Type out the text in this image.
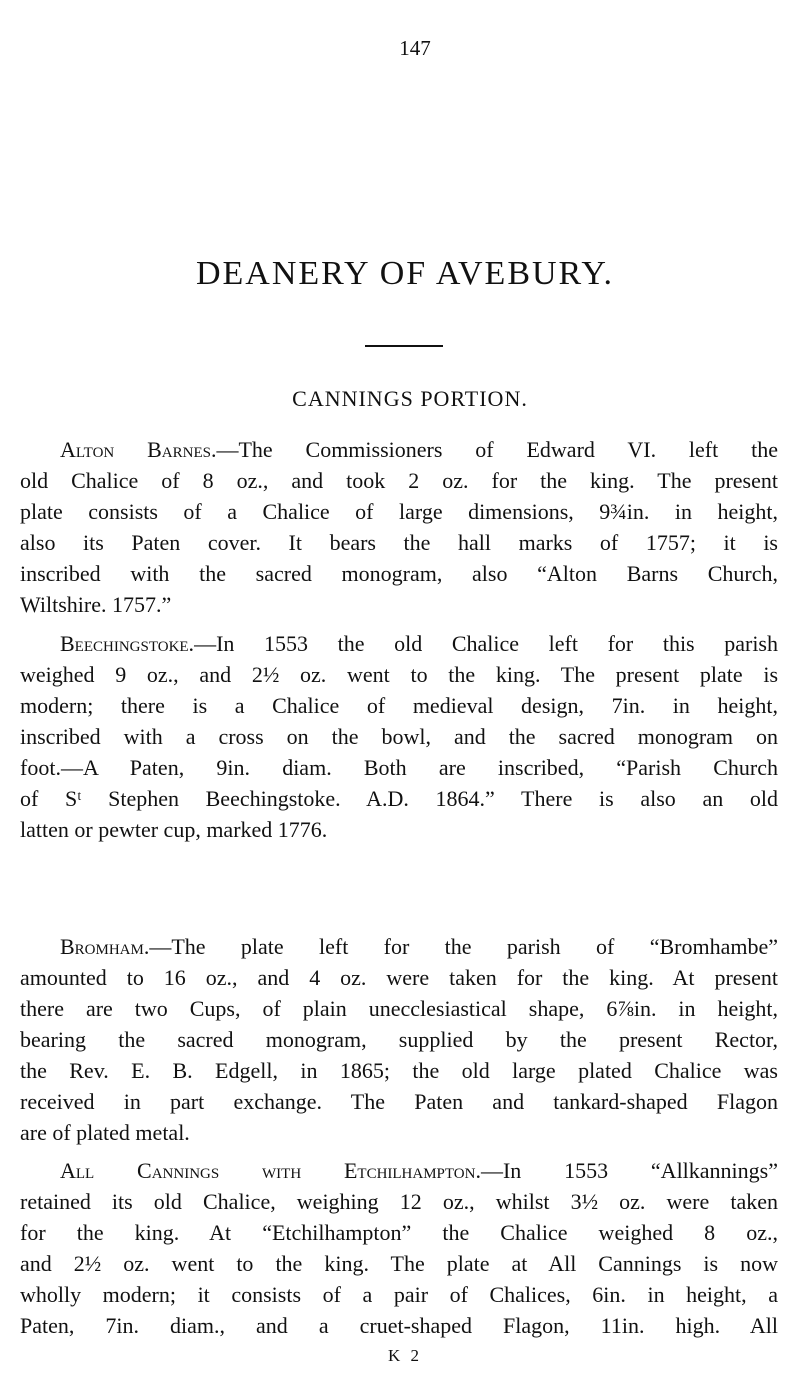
147
DEANERY OF AVEBURY.
CANNINGS PORTION.
Alton Barnes.—The Commissioners of Edward VI. left the
old Chalice of 8 oz., and took 2 oz. for the king. The present
plate consists of a Chalice of large dimensions, 9¾in. in height,
also its Paten cover. It bears the hall marks of 1757; it is
inscribed with the sacred monogram, also “Alton Barns Church,
Wiltshire. 1757.”
Beechingstoke.—In 1553 the old Chalice left for this parish
weighed 9 oz., and 2½ oz. went to the king. The present plate is
modern; there is a Chalice of medieval design, 7in. in height,
inscribed with a cross on the bowl, and the sacred monogram on
foot.—A Paten, 9in. diam. Both are inscribed, “Parish Church
of Sᵗ Stephen Beechingstoke. A.D. 1864.” There is also an old
latten or pewter cup, marked 1776.
Bromham.—The plate left for the parish of “Bromhambe”
amounted to 16 oz., and 4 oz. were taken for the king. At present
there are two Cups, of plain unecclesiastical shape, 6⅞in. in height,
bearing the sacred monogram, supplied by the present Rector,
the Rev. E. B. Edgell, in 1865; the old large plated Chalice was
received in part exchange. The Paten and tankard-shaped Flagon
are of plated metal.
All Cannings with Etchilhampton.—In 1553 “Allkannings”
retained its old Chalice, weighing 12 oz., whilst 3½ oz. were taken
for the king. At “Etchilhampton” the Chalice weighed 8 oz.,
and 2½ oz. went to the king. The plate at All Cannings is now
wholly modern; it consists of a pair of Chalices, 6in. in height, a
Paten, 7in. diam., and a cruet-shaped Flagon, 11in. high. All
K 2
